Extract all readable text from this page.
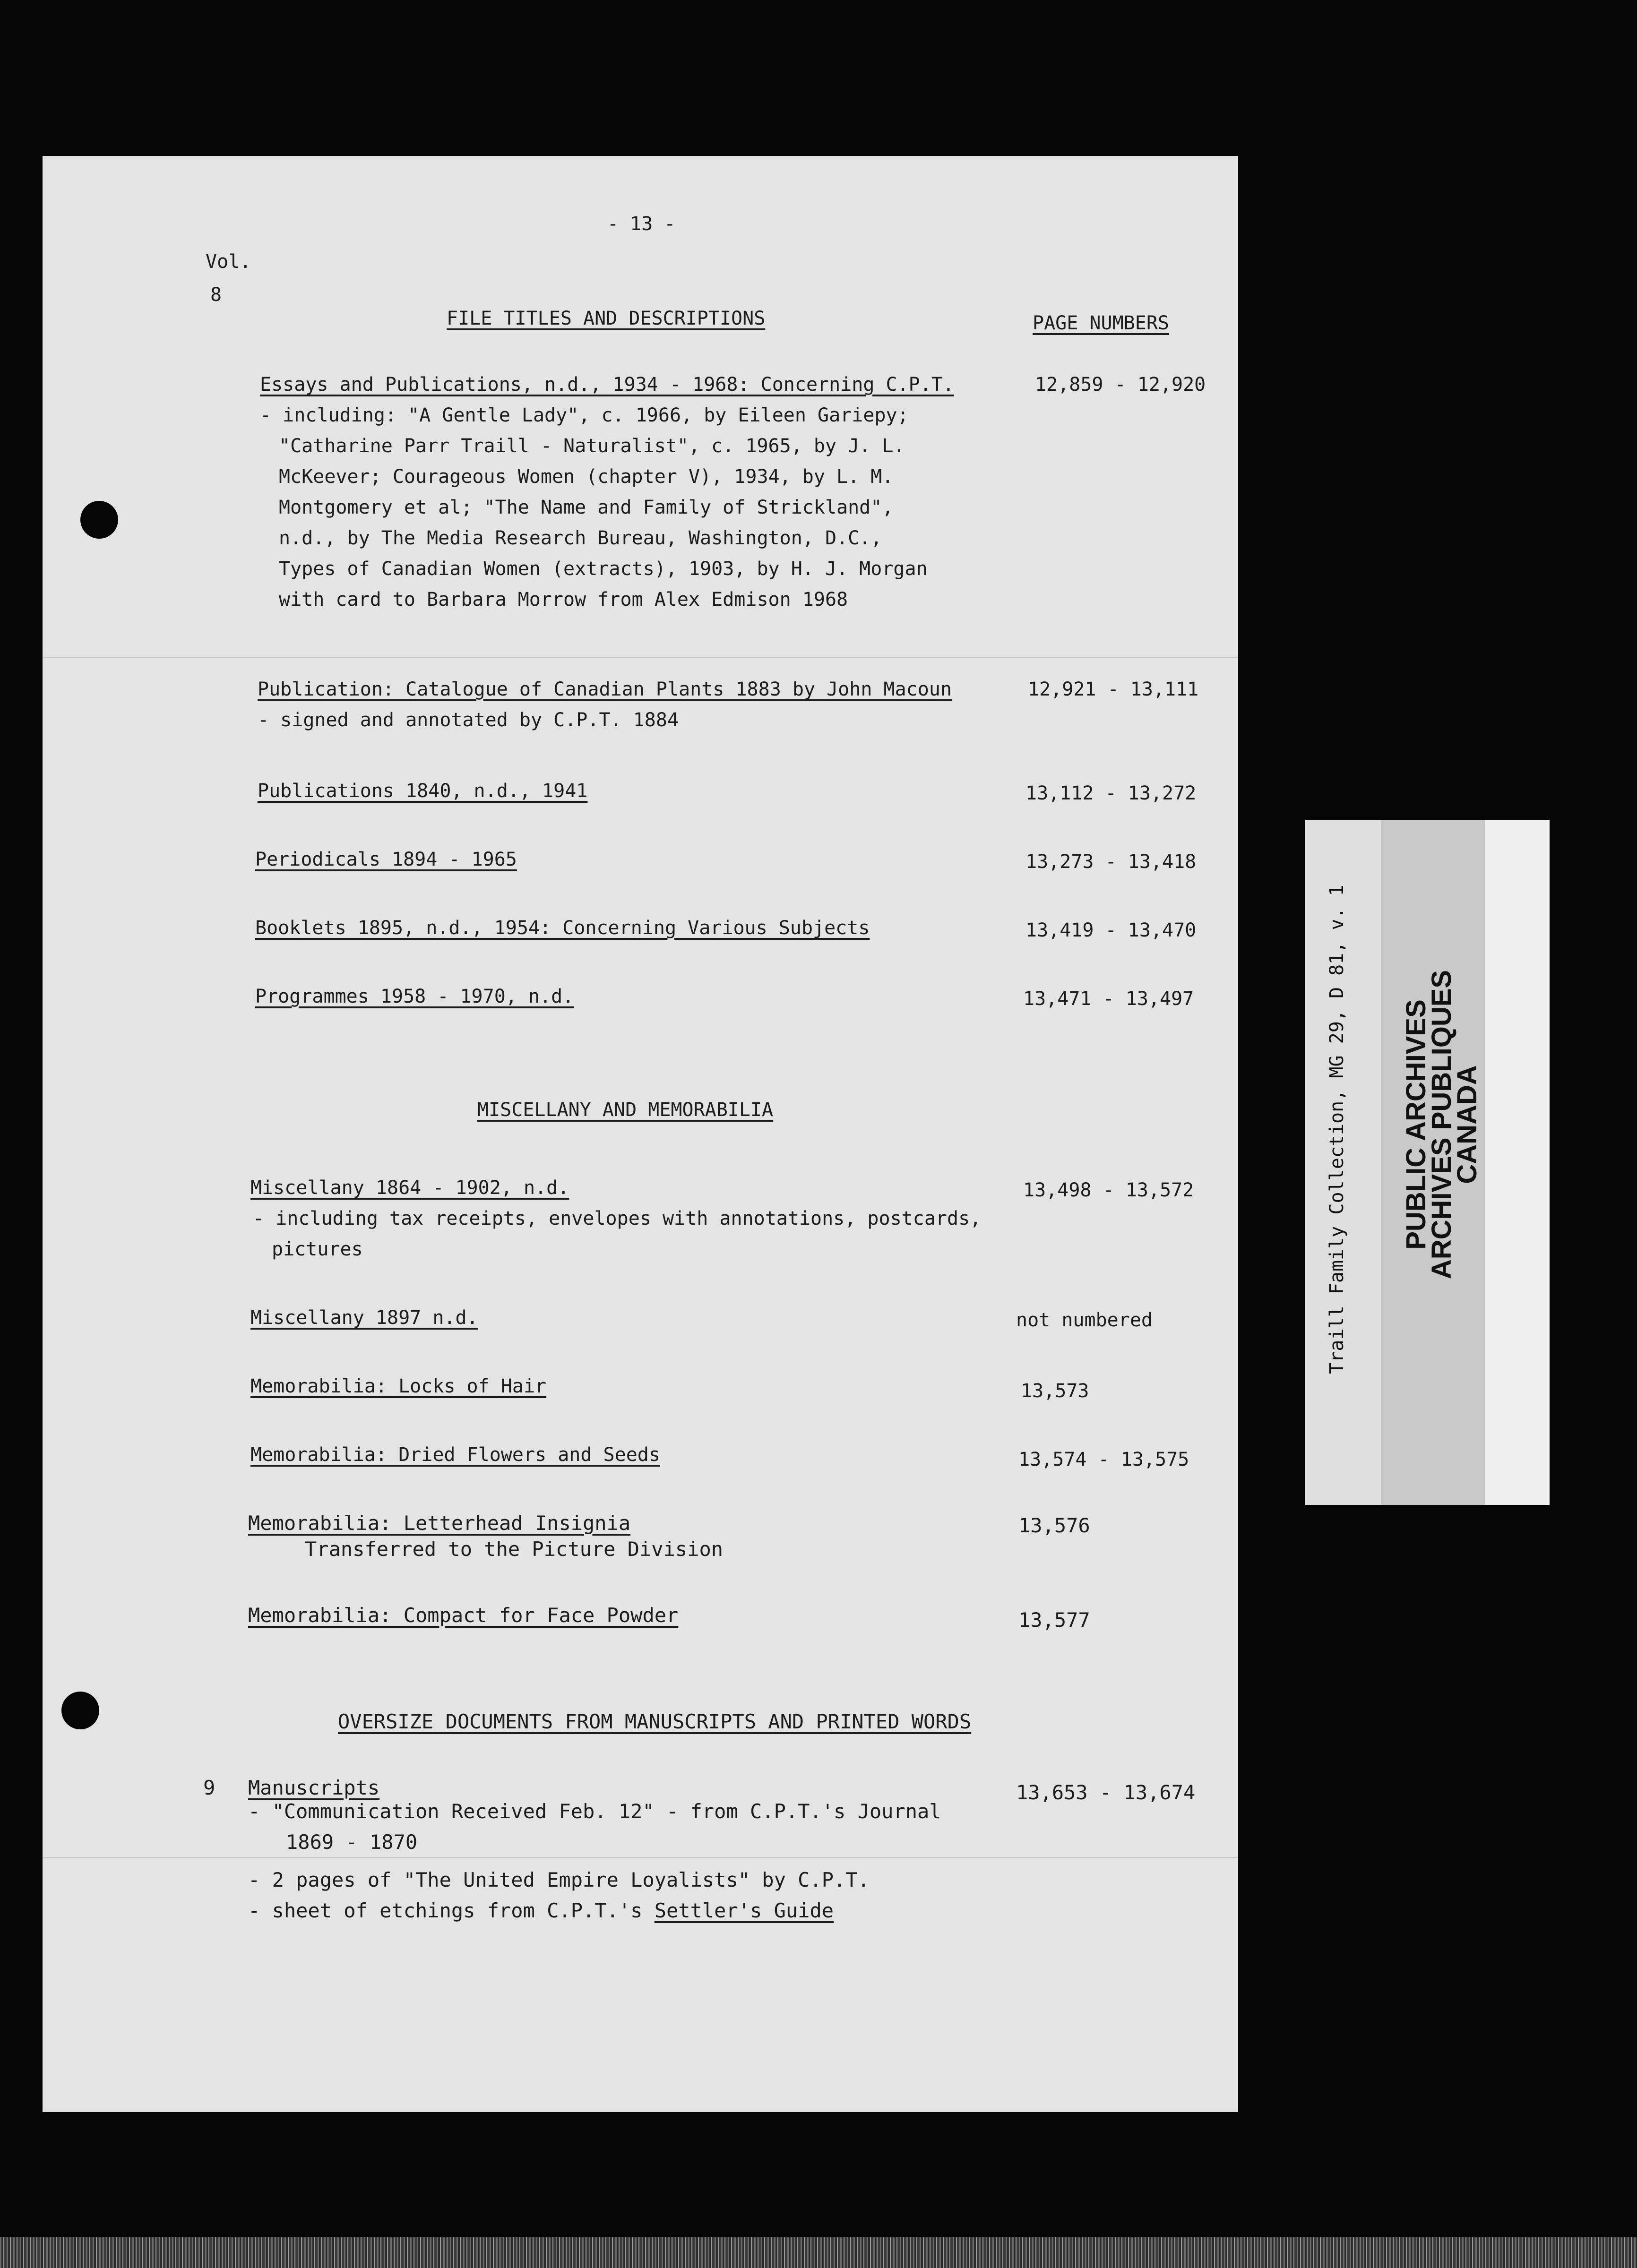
- 13 -
Vol.
8
FILE TITLES AND DESCRIPTIONS	PAGE NUMBERS
Essays and Publications, n.d., 1934 - 1968: Concerning C.P.T.	12,859 - 12,920
- including: "A Gentle Lady", c. 1966, by Eileen Gariepy;
"Catharine Parr Traill - Naturalist", c. 1965, by J. L.
McKeever; Courageous Women (chapter V), 1934, by L. M.
Montgomery et al; "The Name and Family of Strickland",
n.d., by The Media Research Bureau, Washington, D.C.,
Types of Canadian Women (extracts), 1903, by H. J. Morgan
with card to Barbara Morrow from Alex Edmison 1968
Publication: Catalogue of Canadian Plants 1883 by John Macoun	12,921 - 13,111
- signed and annotated by C.P.T. 1884
Publications 1840, n.d., 1941	13,112 - 13,272
Periodicals 1894 - 1965	13,273 - 13,418
Booklets 1895, n.d., 1954: Concerning Various Subjects	13,419 - 13,470
Programmes 1958 - 1970, n.d.	13,471 - 13,497
MISCELLANY AND MEMORABILIA
Miscellany 1864 - 1902, n.d.	13,498 - 13,572
- including tax receipts, envelopes with annotations, postcards,
pictures
Miscellany 1897 n.d.	not numbered
Memorabilia: Locks of Hair	13,573
Memorabilia: Dried Flowers and Seeds	13,574 - 13,575
Memorabilia: Letterhead Insignia	13,576
Transferred to the Picture Division
Memorabilia: Compact for Face Powder	13,577
OVERSIZE DOCUMENTS FROM MANUSCRIPTS AND PRINTED WORDS
9 Manuscripts	13,653 - 13,674
- "Communication Received Feb. 12" - from C.P.T.'s Journal
1869 - 1870
- 2 pages of "The United Empire Loyalists" by C.P.T.
- sheet of etchings from C.P.T.'s Settler's Guide
Traill Family Collection, MG 29, D 81, v. 1 PUBLIC ARCHIVES
ARCHIVES PUBLIQUES
CANADA
